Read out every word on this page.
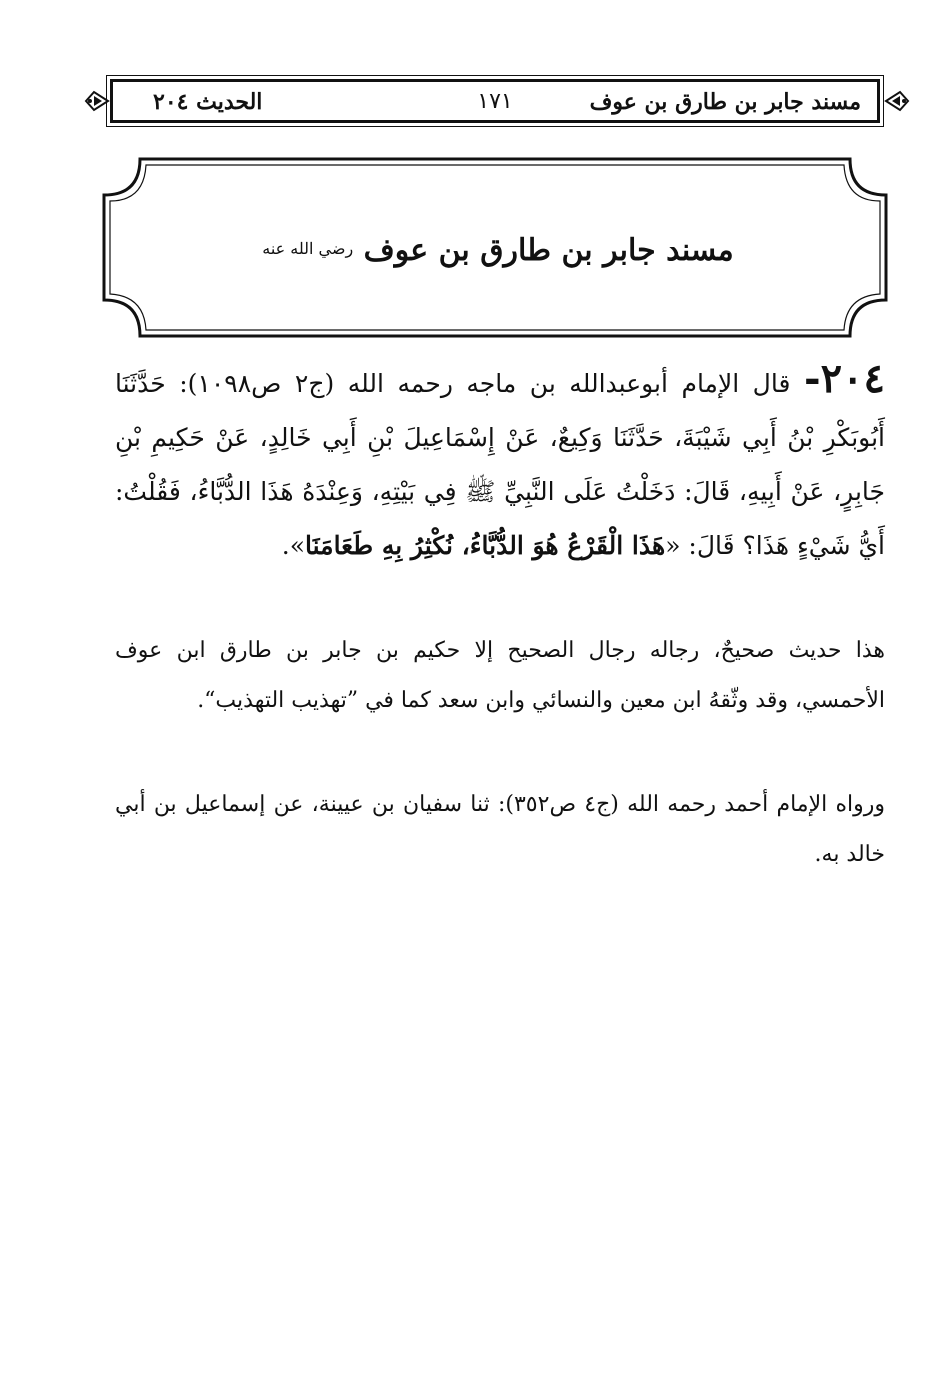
مسند جابر بن طارق بن عوف
١٧١
الحديث ٢٠٤
مسند جابر بن طارق بن عوف $^{رضي الله عنه}$
٢٠٤- قال الإمام أبوعبدالله بن ماجه رحمه الله (ج٢ ص١٠٩٨): حَدَّثَنَا أَبُوبَكْرِ بْنُ أَبِي شَيْبَةَ، حَدَّثَنَا وَكِيعٌ، عَنْ إِسْمَاعِيلَ بْنِ أَبِي خَالِدٍ، عَنْ حَكِيمِ بْنِ جَابِرٍ، عَنْ أَبِيهِ، قَالَ: دَخَلْتُ عَلَى النَّبِيِّ ﷺ فِي بَيْتِهِ، وَعِنْدَهُ هَذَا الدُّبَّاءُ، فَقُلْتُ: أَيُّ شَيْءٍ هَذَا؟ قَالَ: «هَذَا الْقَرْعُ هُوَ الدُّبَّاءُ، نُكْثِرُ بِهِ طَعَامَنَا».
هذا حديث صحيحٌ، رجاله رجال الصحيح إلا حكيم بن جابر بن طارق ابن عوف الأحمسي، وقد وثّقهُ ابن معين والنسائي وابن سعد كما في ”تهذيب التهذيب“.
ورواه الإمام أحمد رحمه الله (ج٤ ص٣٥٢): ثنا سفيان بن عيينة، عن إسماعيل بن أبي خالد به.
